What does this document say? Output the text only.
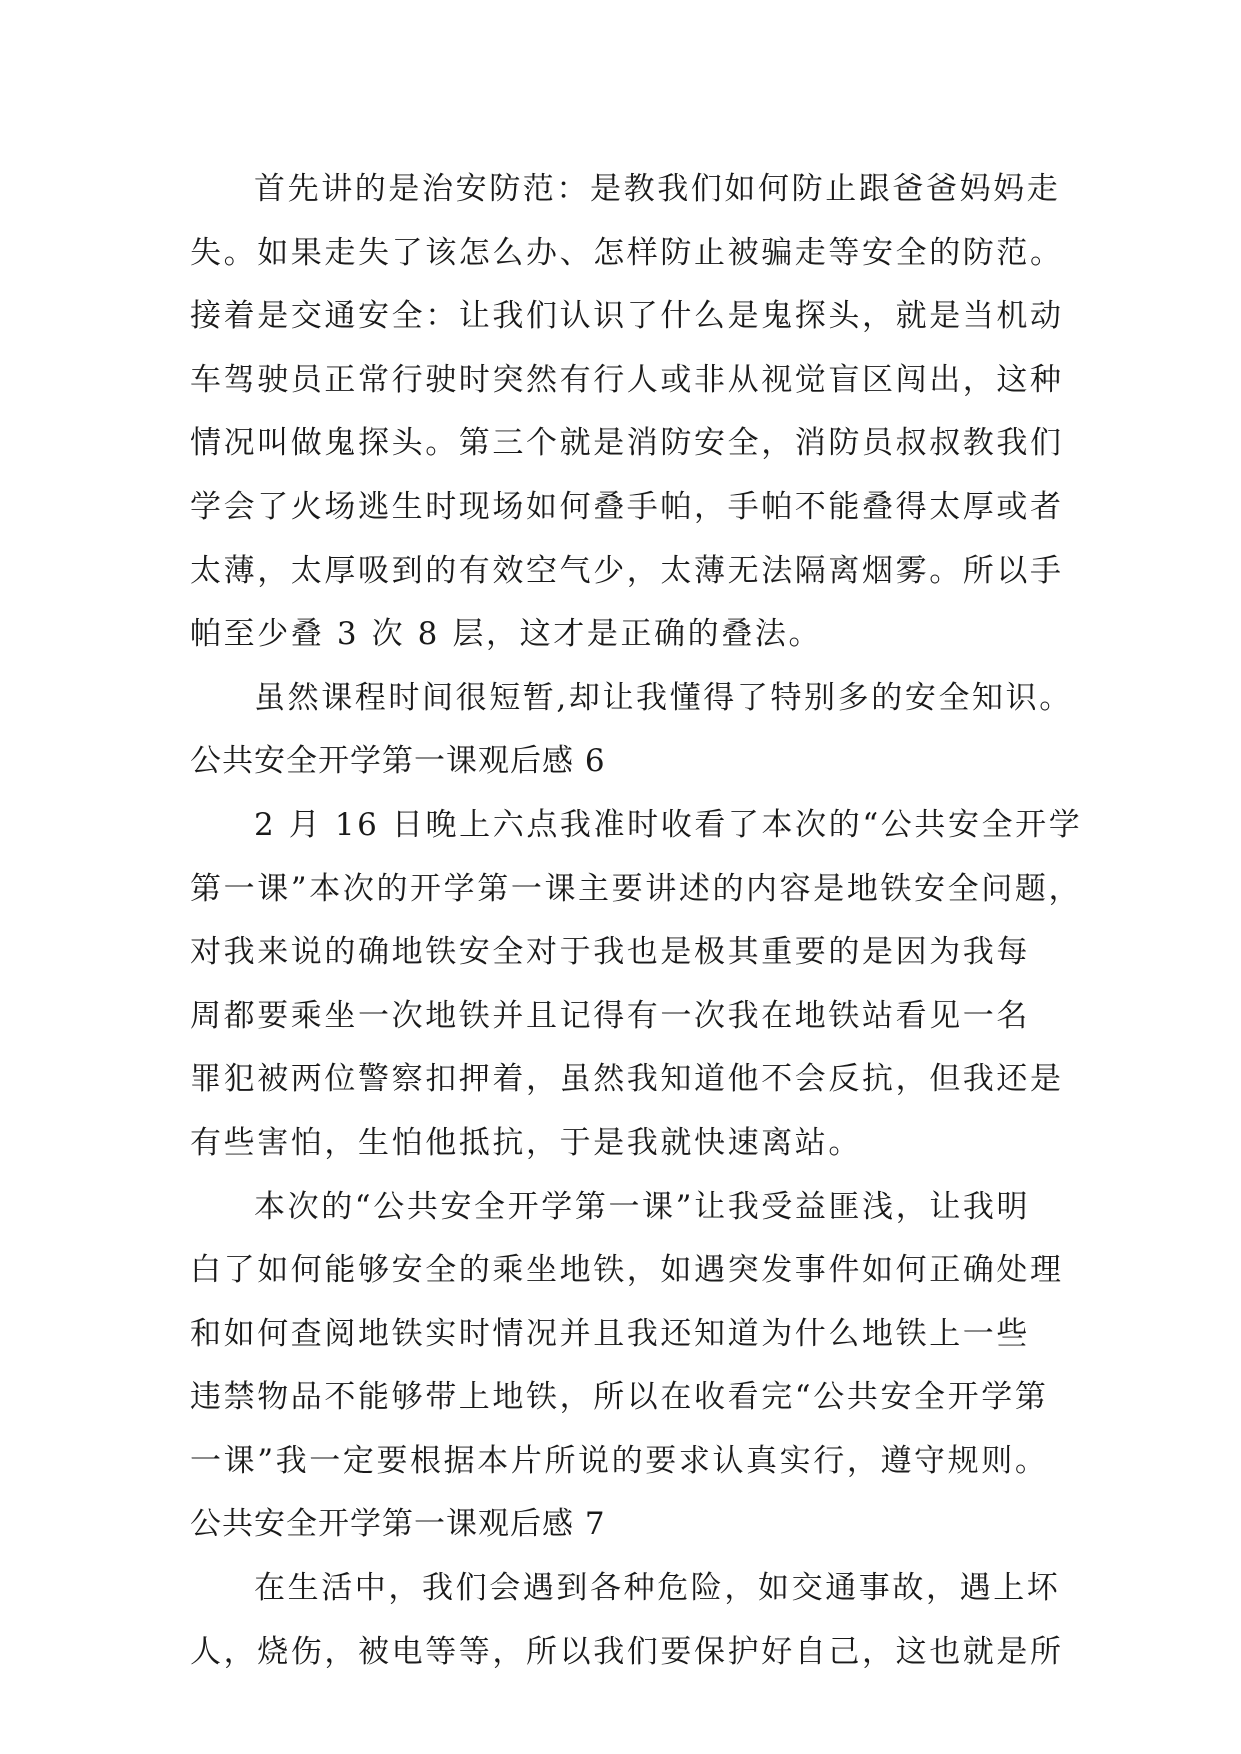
首先讲的是治安防范：是教我们如何防止跟爸爸妈妈走
失。如果走失了该怎么办、怎样防止被骗走等安全的防范。
接着是交通安全：让我们认识了什么是鬼探头，就是当机动
车驾驶员正常行驶时突然有行人或非从视觉盲区闯出，这种
情况叫做鬼探头。第三个就是消防安全，消防员叔叔教我们
学会了火场逃生时现场如何叠手帕，手帕不能叠得太厚或者
太薄，太厚吸到的有效空气少，太薄无法隔离烟雾。所以手
帕至少叠 3 次 8 层，这才是正确的叠法。
虽然课程时间很短暂,却让我懂得了特别多的安全知识。
公共安全开学第一课观后感 6
2 月 16 日晚上六点我准时收看了本次的“公共安全开学
第一课”本次的开学第一课主要讲述的内容是地铁安全问题，
对我来说的确地铁安全对于我也是极其重要的是因为我每
周都要乘坐一次地铁并且记得有一次我在地铁站看见一名
罪犯被两位警察扣押着，虽然我知道他不会反抗，但我还是
有些害怕，生怕他抵抗，于是我就快速离站。
本次的“公共安全开学第一课”让我受益匪浅，让我明
白了如何能够安全的乘坐地铁，如遇突发事件如何正确处理
和如何查阅地铁实时情况并且我还知道为什么地铁上一些
违禁物品不能够带上地铁，所以在收看完“公共安全开学第
一课”我一定要根据本片所说的要求认真实行，遵守规则。
公共安全开学第一课观后感 7
在生活中，我们会遇到各种危险，如交通事故，遇上坏
人，烧伤，被电等等，所以我们要保护好自己，这也就是所
